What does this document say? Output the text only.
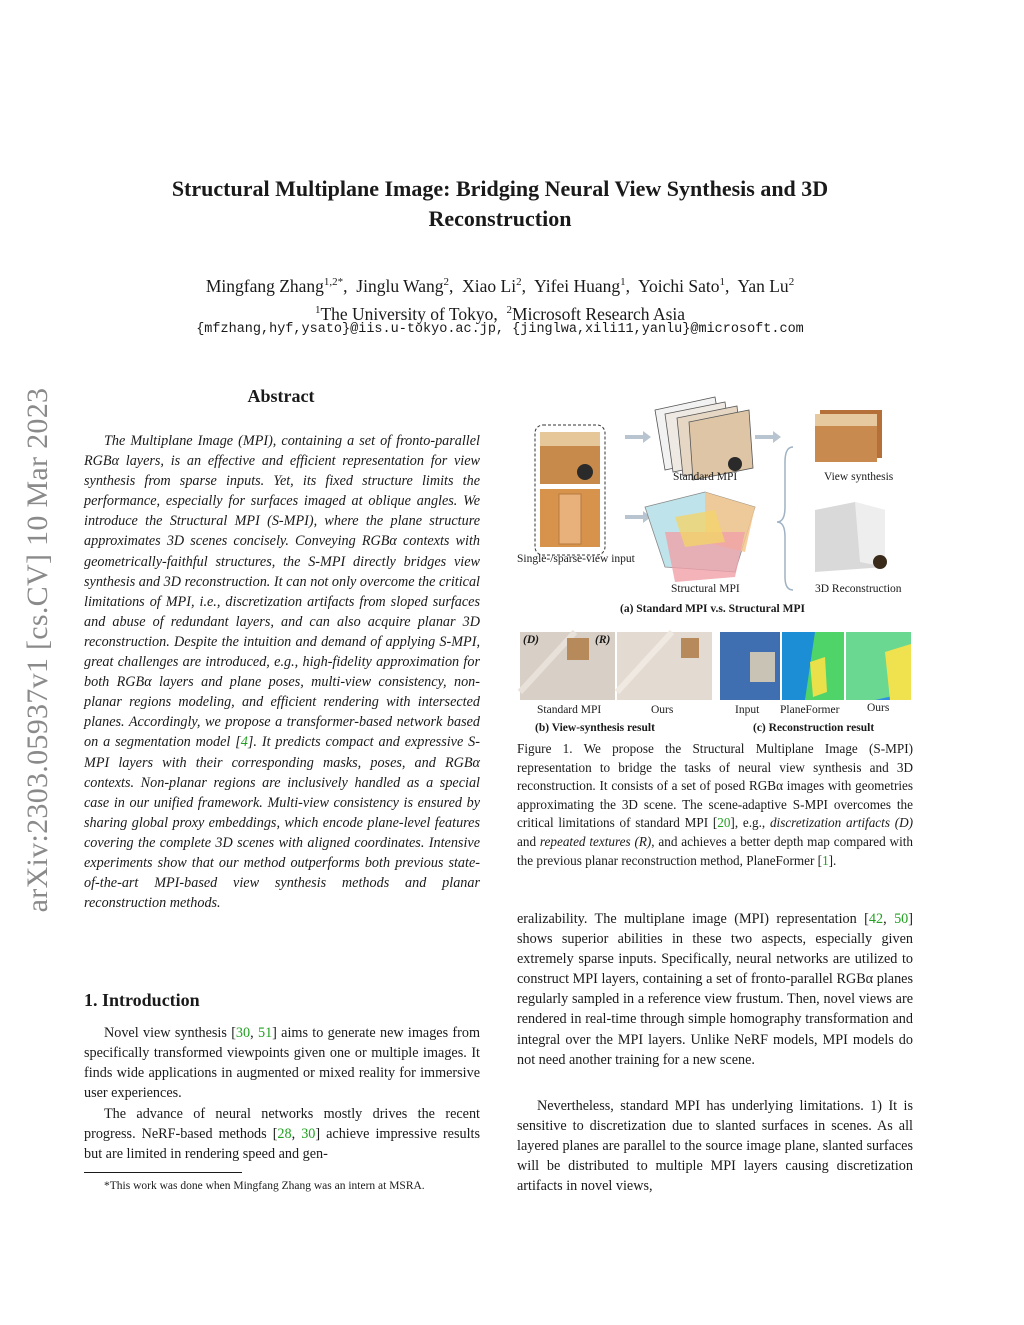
arXiv:2303.05937v1 [cs.CV] 10 Mar 2023
Structural Multiplane Image: Bridging Neural View Synthesis and 3D Reconstruction
Mingfang Zhang$^{1,2*}$,  Jinglu Wang$^2$,  Xiao Li$^2$,  Yifei Huang$^1$,  Yoichi Sato$^1$,  Yan Lu$^2$
$^1$The University of Tokyo, $^2$Microsoft Research Asia
{mfzhang,hyf,ysato}@iis.u-tokyo.ac.jp, {jinglwa,xili11,yanlu}@microsoft.com
Abstract

The Multiplane Image (MPI), containing a set of fronto-parallel RGBα layers, is an effective and efficient representation for view synthesis from sparse inputs. Yet, its fixed structure limits the performance, especially for surfaces imaged at oblique angles. We introduce the Structural MPI (S-MPI), where the plane structure approximates 3D scenes concisely. Conveying RGBα contexts with geometrically-faithful structures, the S-MPI directly bridges view synthesis and 3D reconstruction. It can not only overcome the critical limitations of MPI, i.e., discretization artifacts from sloped surfaces and abuse of redundant layers, and can also acquire planar 3D reconstruction. Despite the intuition and demand of applying S-MPI, great challenges are introduced, e.g., high-fidelity approximation for both RGBα layers and plane poses, multi-view consistency, non-planar regions modeling, and efficient rendering with intersected planes. Accordingly, we propose a transformer-based network based on a segmentation model [4]. It predicts compact and expressive S-MPI layers with their corresponding masks, poses, and RGBα contexts. Non-planar regions are inclusively handled as a special case in our unified framework. Multi-view consistency is ensured by sharing global proxy embeddings, which encode plane-level features covering the complete 3D scenes with aligned coordinates. Intensive experiments show that our method outperforms both previous state-of-the-art MPI-based view synthesis methods and planar reconstruction methods.

1. Introduction

Novel view synthesis [30, 51] aims to generate new images from specifically transformed viewpoints given one or multiple images. It finds wide applications in augmented or mixed reality for immersive user experiences.

The advance of neural networks mostly drives the recent progress. NeRF-based methods [28, 30] achieve impressive results but are limited in rendering speed and gen-

*This work was done when Mingfang Zhang was an intern at MSRA.
Single-/sparse-view input
Standard MPI
Structural MPI
View synthesis
3D Reconstruction
(a) Standard MPI v.s. Structural MPI
(D)	(R)
Standard MPI	Ours
(b) View-synthesis result
Input PlaneFormer Ours
(c) Reconstruction result

Figure 1. We propose the Structural Multiplane Image (S-MPI) representation to bridge the tasks of neural view synthesis and 3D reconstruction. It consists of a set of posed RGBα images with geometries approximating the 3D scene. The scene-adaptive S-MPI overcomes the critical limitations of standard MPI [20], e.g., discretization artifacts (D) and repeated textures (R), and achieves a better depth map compared with the previous planar reconstruction method, PlaneFormer [1].

eralizability. The multiplane image (MPI) representation [42, 50] shows superior abilities in these two aspects, especially given extremely sparse inputs. Specifically, neural networks are utilized to construct MPI layers, containing a set of fronto-parallel RGBα planes regularly sampled in a reference view frustum. Then, novel views are rendered in real-time through simple homography transformation and integral over the MPI layers. Unlike NeRF models, MPI models do not need another training for a new scene.

Nevertheless, standard MPI has underlying limitations. 1) It is sensitive to discretization due to slanted surfaces in scenes. As all layered planes are parallel to the source image plane, slanted surfaces will be distributed to multiple MPI layers causing discretization artifacts in novel views,
